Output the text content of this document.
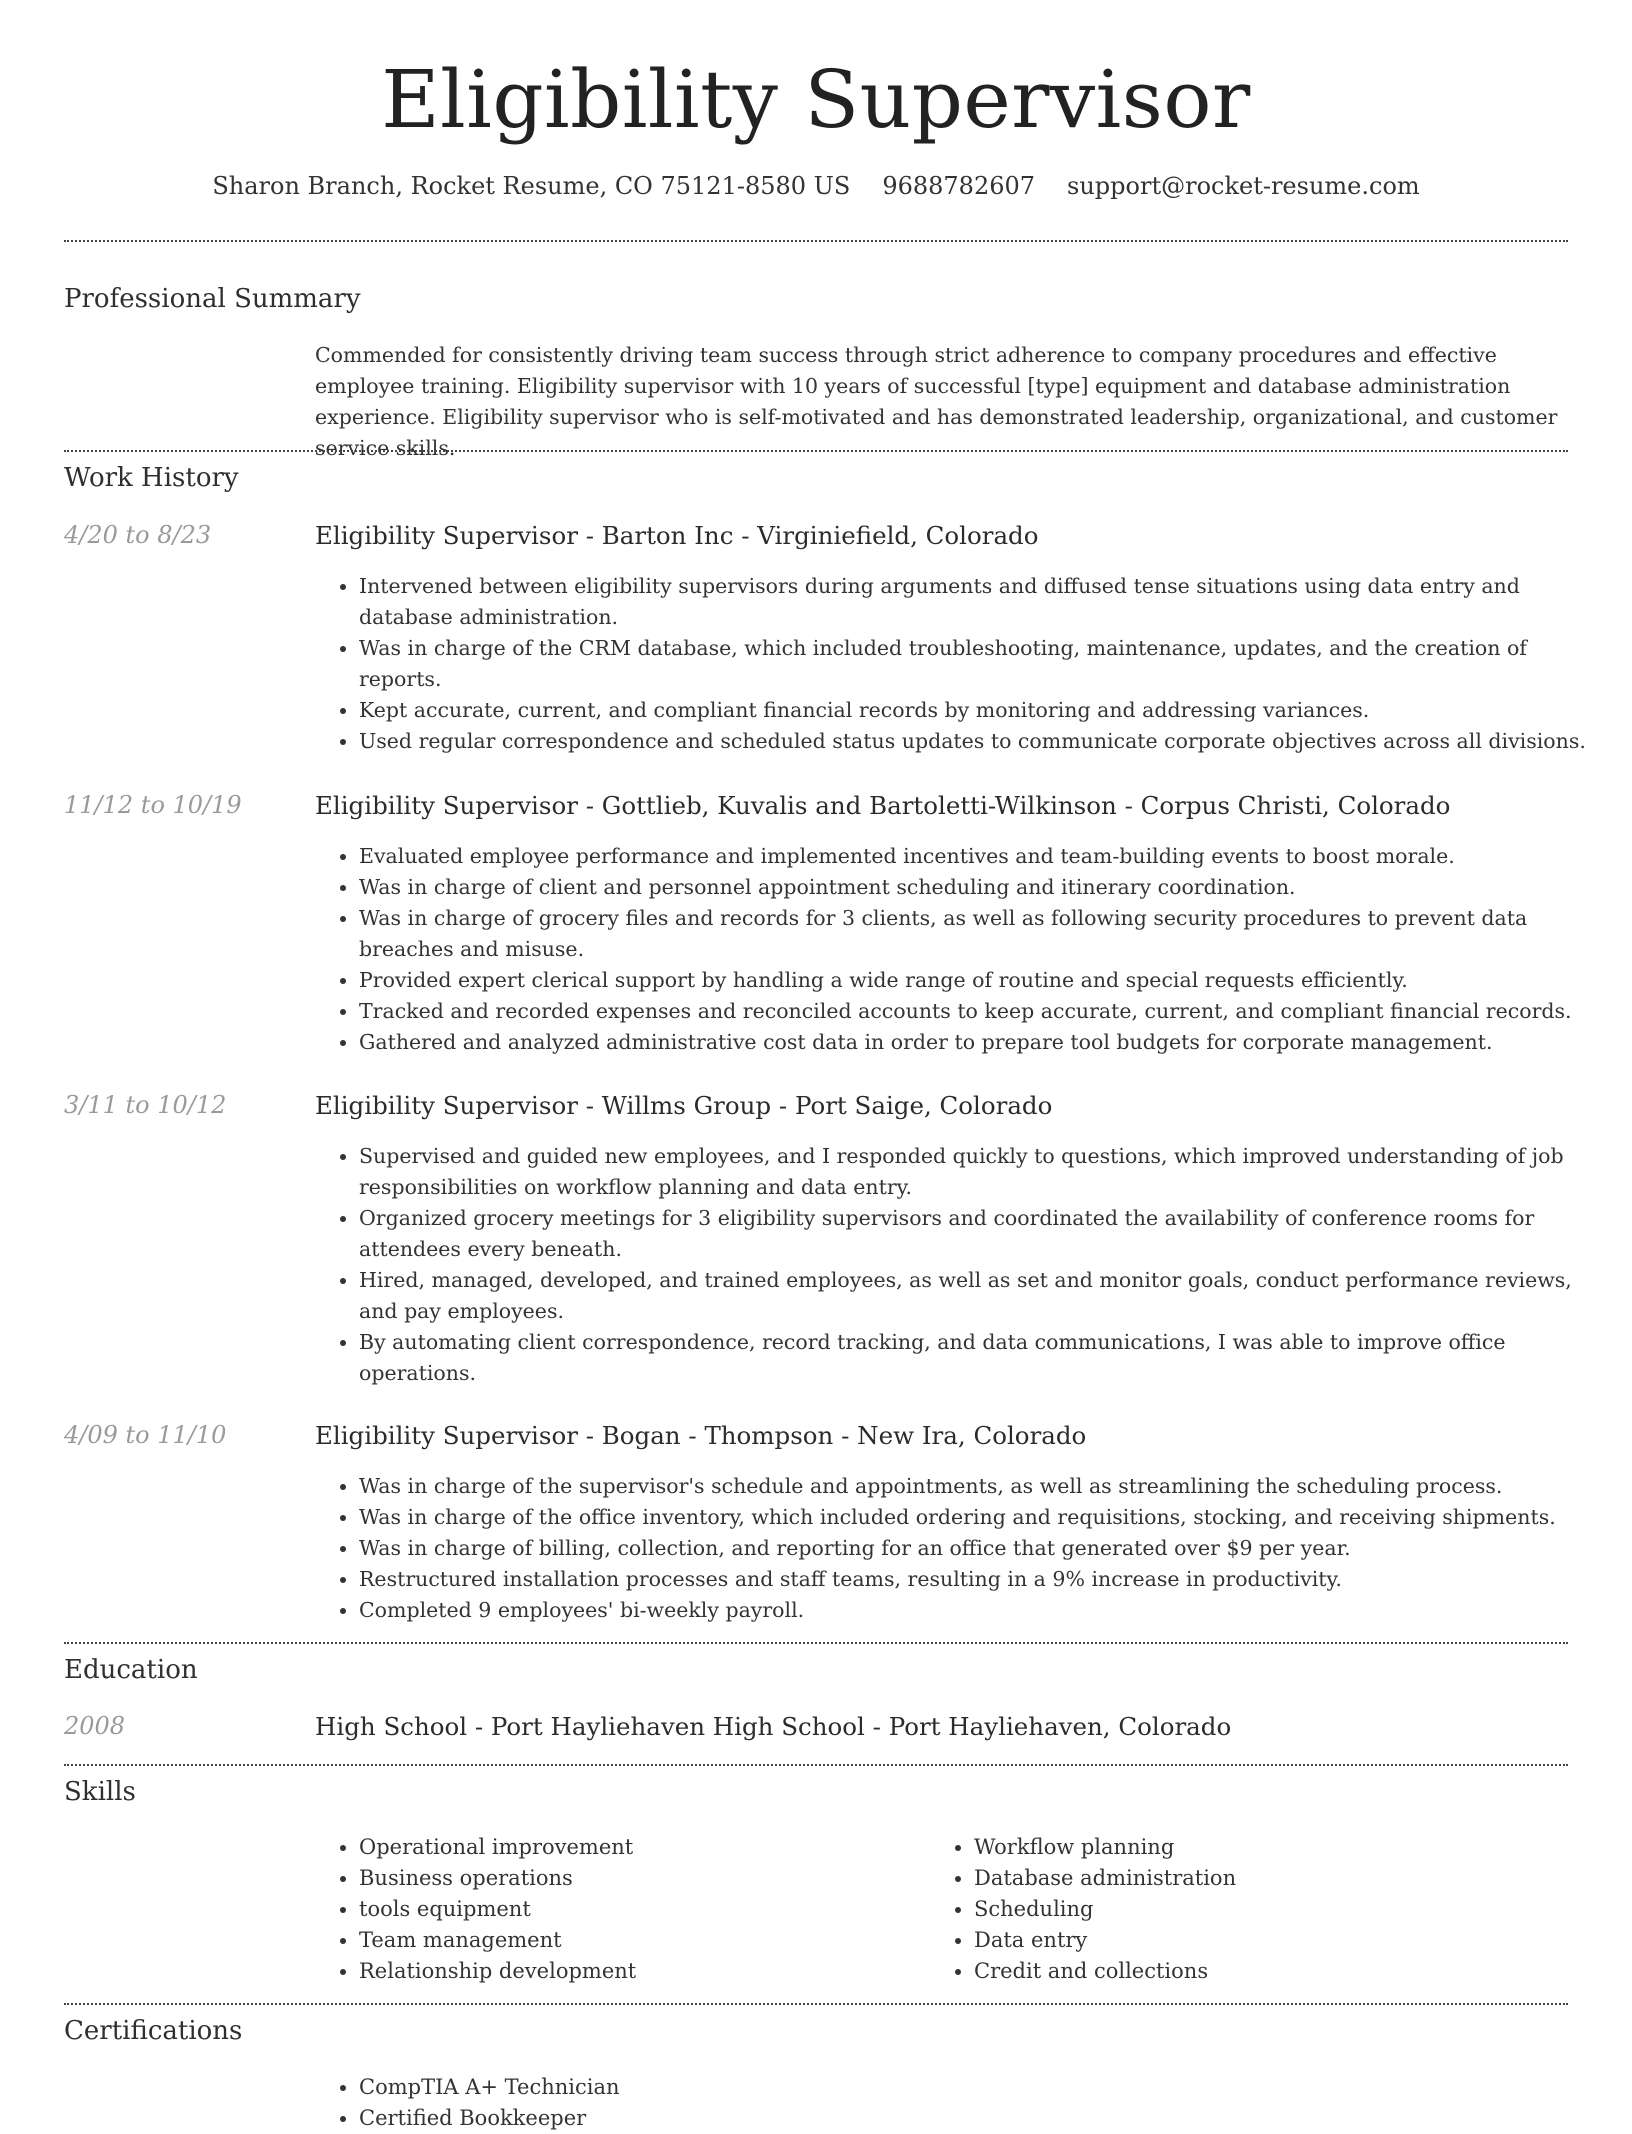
Eligibility Supervisor
Sharon Branch, Rocket Resume, CO 75121-8580 US 9688782607 support@rocket-resume.com
Professional Summary
Commended for consistently driving team success through strict adherence to company procedures and effective employee training. Eligibility supervisor with 10 years of successful [type] equipment and database administration experience. Eligibility supervisor who is self-motivated and has demonstrated leadership, organizational, and customer service skills.
Work History
4/20 to 8/23	Eligibility Supervisor - Barton Inc - Virginiefield, Colorado
• Intervened between eligibility supervisors during arguments and diffused tense situations using data entry and database administration.
• Was in charge of the CRM database, which included troubleshooting, maintenance, updates, and the creation of reports.
• Kept accurate, current, and compliant financial records by monitoring and addressing variances.
• Used regular correspondence and scheduled status updates to communicate corporate objectives across all divisions.
11/12 to 10/19	Eligibility Supervisor - Gottlieb, Kuvalis and Bartoletti-Wilkinson - Corpus Christi, Colorado
• Evaluated employee performance and implemented incentives and team-building events to boost morale.
• Was in charge of client and personnel appointment scheduling and itinerary coordination.
• Was in charge of grocery files and records for 3 clients, as well as following security procedures to prevent data breaches and misuse.
• Provided expert clerical support by handling a wide range of routine and special requests efficiently.
• Tracked and recorded expenses and reconciled accounts to keep accurate, current, and compliant financial records.
• Gathered and analyzed administrative cost data in order to prepare tool budgets for corporate management.
3/11 to 10/12	Eligibility Supervisor - Willms Group - Port Saige, Colorado
• Supervised and guided new employees, and I responded quickly to questions, which improved understanding of job responsibilities on workflow planning and data entry.
• Organized grocery meetings for 3 eligibility supervisors and coordinated the availability of conference rooms for attendees every beneath.
• Hired, managed, developed, and trained employees, as well as set and monitor goals, conduct performance reviews, and pay employees.
• By automating client correspondence, record tracking, and data communications, I was able to improve office operations.
4/09 to 11/10	Eligibility Supervisor - Bogan - Thompson - New Ira, Colorado
• Was in charge of the supervisor's schedule and appointments, as well as streamlining the scheduling process.
• Was in charge of the office inventory, which included ordering and requisitions, stocking, and receiving shipments.
• Was in charge of billing, collection, and reporting for an office that generated over $9 per year.
• Restructured installation processes and staff teams, resulting in a 9% increase in productivity.
• Completed 9 employees' bi-weekly payroll.
Education
2008	High School - Port Hayliehaven High School - Port Hayliehaven, Colorado
Skills
• Operational improvement
• Business operations
• tools equipment
• Team management
• Relationship development
• Workflow planning
• Database administration
• Scheduling
• Data entry
• Credit and collections
Certifications
• CompTIA A+ Technician
• Certified Bookkeeper
